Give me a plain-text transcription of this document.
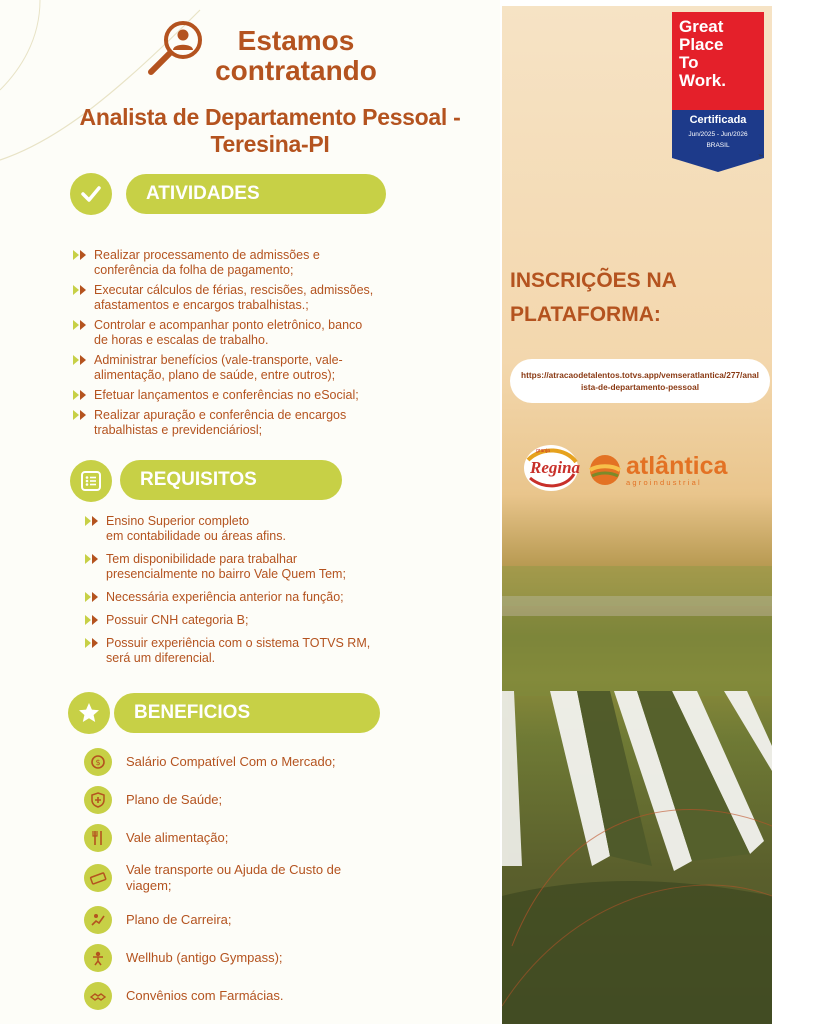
Estamos
contratando
Analista de Departamento Pessoal -
Teresina-PI
ATIVIDADES
Realizar processamento de admissões e
conferência da folha de pagamento;
Executar cálculos de férias, rescisões, admissões,
afastamentos e encargos trabalhistas.;
Controlar e acompanhar ponto eletrônico, banco
de horas e escalas de trabalho.
Administrar benefícios (vale-transporte, vale-
alimentação, plano de saúde, entre outros);
Efetuar lançamentos e conferências no eSocial;
Realizar apuração e conferência de encargos
trabalhistas e previdenciáriosl;
REQUISITOS
Ensino Superior completo
em contabilidade ou áreas afins.
Tem disponibilidade para trabalhar
presencialmente no bairro Vale Quem Tem;
Necessária experiência anterior na função;
Possuir CNH categoria B;
Possuir experiência com o sistema TOTVS RM,
será um diferencial.
BENEFICIOS
$ Salário Compatível Com o Mercado;
Plano de Saúde;
Vale alimentação;
Vale transporte ou Ajuda de Custo de
viagem;
Plano de Carreira;
Wellhub (antigo Gympass);
Convênios com Farmácias.
Great
Place
To
Work.
Certificada
Jun/2025 - Jun/2026
BRASIL
™
INSCRIÇÕES NA
PLATAFORMA:
https://atracaodetalentos.totvs.app/vemseratlantica/277/analista-de-departamento-pessoal
granja
Regina atlântica
agroindustrial
